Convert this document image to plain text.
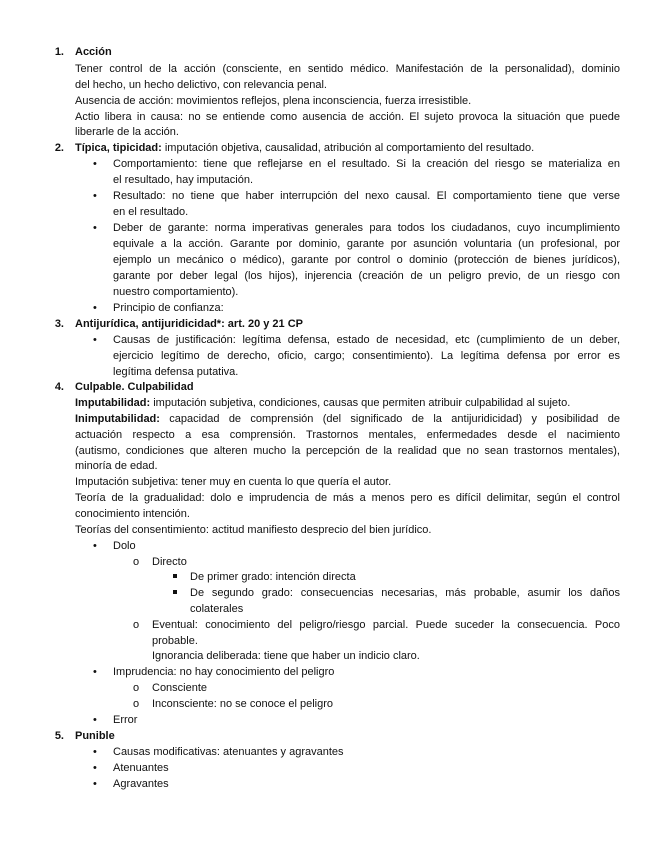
1. Acción
Tener control de la acción (consciente, en sentido médico. Manifestación de la personalidad), dominio
del hecho, un hecho delictivo, con relevancia penal.
Ausencia de acción: movimientos reflejos, plena inconsciencia, fuerza irresistible.
Actio libera in causa: no se entiende como ausencia de acción. El sujeto provoca la situación que puede
liberarle de la acción.
2. Típica, tipicidad: imputación objetiva, causalidad, atribución al comportamiento del resultado.
• Comportamiento: tiene que reflejarse en el resultado. Si la creación del riesgo se materializa en
el resultado, hay imputación.
• Resultado: no tiene que haber interrupción del nexo causal. El comportamiento tiene que verse
en el resultado.
• Deber de garante: norma imperativas generales para todos los ciudadanos, cuyo incumplimiento
equivale a la acción. Garante por dominio, garante por asunción voluntaria (un profesional, por
ejemplo un mecánico o médico), garante por control o dominio (protección de bienes jurídicos),
garante por deber legal (los hijos), injerencia (creación de un peligro previo, de un riesgo con
nuestro comportamiento).
• Principio de confianza:
3. Antijurídica, antijuridicidad*: art. 20 y 21 CP
• Causas de justificación: legítima defensa, estado de necesidad, etc (cumplimiento de un deber,
ejercicio legítimo de derecho, oficio, cargo; consentimiento). La legítima defensa por error es
legítima defensa putativa.
4. Culpable. Culpabilidad
Imputabilidad: imputación subjetiva, condiciones, causas que permiten atribuir culpabilidad al sujeto.
Inimputabilidad: capacidad de comprensión (del significado de la antijuridicidad) y posibilidad de
actuación respecto a esa comprensión. Trastornos mentales, enfermedades desde el nacimiento
(autismo, condiciones que alteren mucho la percepción de la realidad que no sean trastornos mentales),
minoría de edad.
Imputación subjetiva: tener muy en cuenta lo que quería el autor.
Teoría de la gradualidad: dolo e imprudencia de más a menos pero es difícil delimitar, según el control
conocimiento intención.
Teorías del consentimiento: actitud manifiesto desprecio del bien jurídico.
• Dolo
o Directo
De primer grado: intención directa
De segundo grado: consecuencias necesarias, más probable, asumir los daños
colaterales
o Eventual: conocimiento del peligro/riesgo parcial. Puede suceder la consecuencia. Poco
probable.
Ignorancia deliberada: tiene que haber un indicio claro.
• Imprudencia: no hay conocimiento del peligro
o Consciente
o Inconsciente: no se conoce el peligro
• Error
5. Punible
• Causas modificativas: atenuantes y agravantes
• Atenuantes
• Agravantes
